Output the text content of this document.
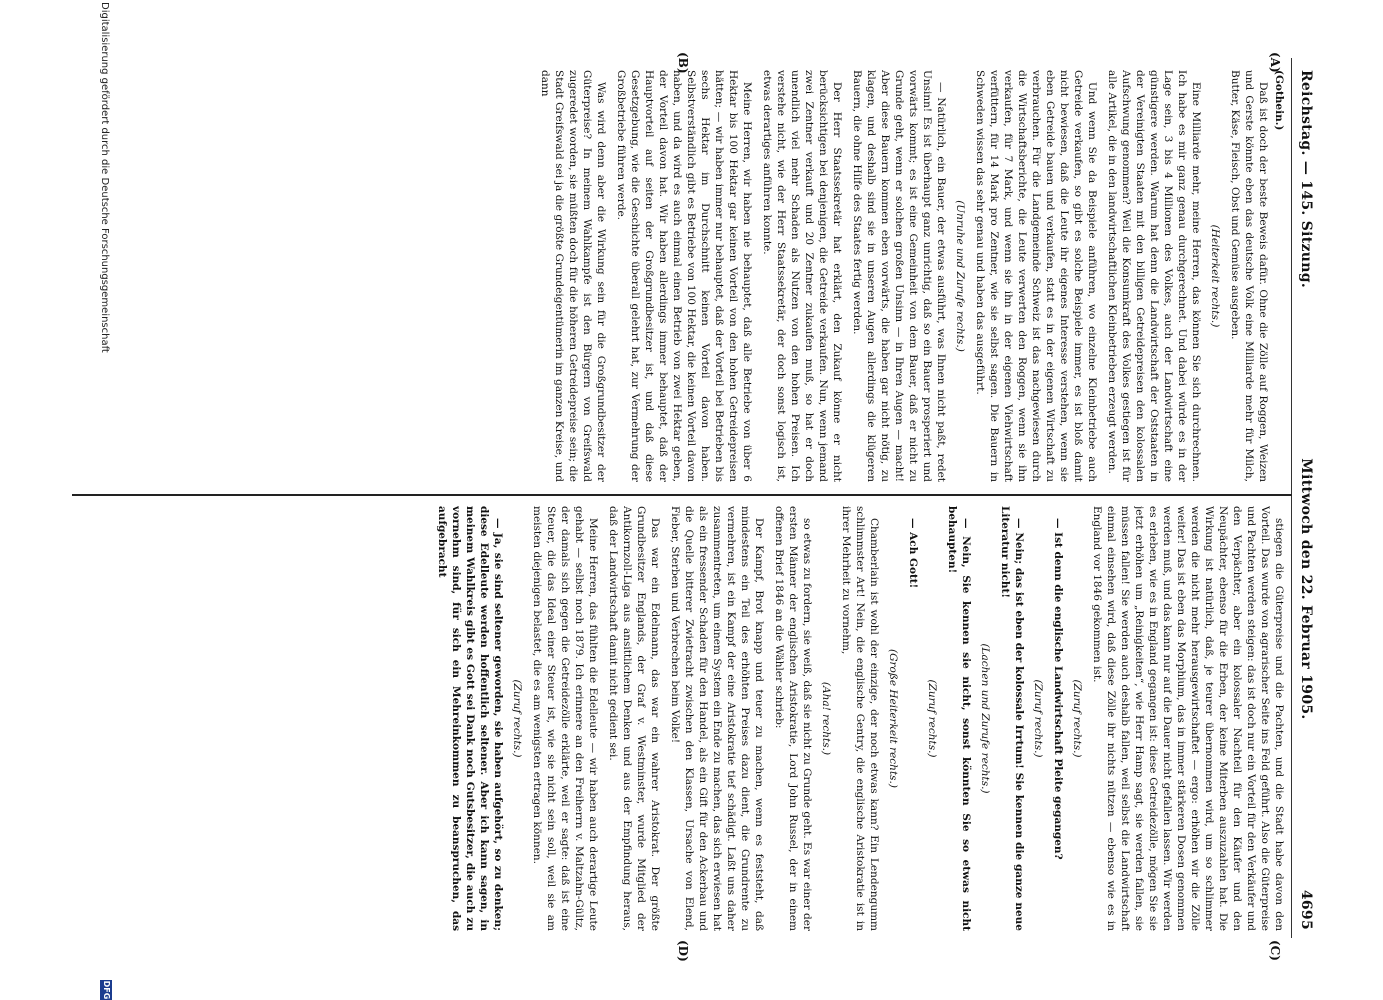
Reichstag. — 145. Sitzung.
Mittwoch den 22. Februar 1905.
4695
(A)
(B)
(C)
(D)

(Gothein.)

Daß ist doch der beste Beweis dafür. Ohne die Zölle auf Roggen, Weizen und Gerste könnte eben das deutsche Volk eine Milliarde mehr für Milch, Butter, Käse, Fleisch, Obst und Gemüse ausgeben.

(Heiterkeit rechts.)

Eine Milliarde mehr, meine Herren, das können Sie sich durchrechnen. Ich habe es mir ganz genau durchgerechnet. Und dabei würde es in der Lage sein, 3 bis 4 Millionen des Volkes, auch der Landwirtschaft eine günstigere werden. Warum hat denn die Landwirtschaft der Oststaaten in der Vereinigten Staaten mit den billigen Getreidepreisen den kolossalen Aufschwung genommen? Weil die Konsumkraft des Volkes gestiegen ist für alle Artikel, die in den landwirtschaftlichen Kleinbetrieben erzeugt werden.

Und wenn Sie da Beispiele anführen, wo einzelne Kleinbetriebe auch Getreide verkaufen, so gibt es solche Beispiele immer, es ist bloß damit nicht bewiesen, daß die Leute ihr eigenes Interesse verstehen, wenn sie eben Getreide bauen und verkaufen, statt es in der eigenen Wirtschaft zu verbrauchen. Für die Landgemeinde Schweiz ist das nachgewiesen durch die Wirtschaftsberichte, die Leute verwerten den Roggen, wenn sie ihn verkaufen, für 7 Mark, und wenn sie ihn in der eigenen Viehwirtschaft verfüttern, für 14 Mark pro Zentner, wie sie selbst sagen. Die Bauern in Schweden wissen das sehr genau und haben das ausgeführt.

(Unruhe und Zurufe rechts.)

— Natürlich, ein Bauer, der etwas ausführt, was Ihnen nicht paßt, redet Unsinn! Es ist überhaupt ganz unrichtig, daß so ein Bauer prosperiert und vorwärts kommt; es ist eine Gemeinheit von dem Bauer, daß er nicht zu Grunde geht, wenn er solchen großen Unsinn — in Ihren Augen — macht! Aber diese Bauern kommen eben vorwärts, die haben gar nicht nötig, zu klagen, und deshalb sind sie in unseren Augen allerdings die klügeren Bauern, die ohne Hilfe des Staates fertig werden.

Der Herr Staatssekretär hat erklärt, den Zukauf könne er nicht berücksichtigen bei denjenigen, die Getreide verkaufen. Nun, wenn jemand zwei Zentner verkauft und 20 Zentner zukaufen muß, so hat er doch unendlich viel mehr Schaden als Nutzen von den hohen Preisen. Ich verstehe nicht, wie der Herr Staatssekretär, der doch sonst logisch ist, etwas derartiges anführen konnte.

Meine Herren, wir haben nie behauptet, daß alle Betriebe von über 6 Hektar bis 100 Hektar gar keinen Vorteil von den hohen Getreidepreisen hätten; — wir haben immer nur behauptet, daß der Vorteil bei Betrieben bis sechs Hektar im Durchschnitt keinen Vorteil davon haben. Selbstverständlich gibt es Betriebe von 100 Hektar, die keinen Vorteil davon haben, und da wird es auch einmal einen Betrieb von zwei Hektar geben, der Vorteil davon hat. Wir haben allerdings immer behauptet, daß der Hauptvorteil auf seiten der Großgrundbesitzer ist, und daß diese Gesetzgebung, wie die Geschichte überall gelehrt hat, zur Vermehrung der Großbetriebe führen werde.

Was wird denn aber die Wirkung sein für die Großgrundbesitzer der Güterpreise? In meinem Wahlkampfe ist den Bürgern von Greifswald zugeredet worden, sie müßten doch für die höheren Getreidepreise sein; die Stadt Greifswald sei ja die größte Grundeigentümerin im ganzen Kreise, und dann

stiegen die Güterpreise und die Pachten, und die Stadt habe davon den Vorteil. Das wurde von agrarischer Seite ins Feld geführt. Also die Güterpreise und Pachten werden steigen: das ist doch nur ein Vorteil für den Verkäufer und den Verpächter, aber ein kolossaler Nachteil für den Käufer und den Neupächter, ebenso für die Erben, der keine Miterben auszuzahlen hat. Die Wirkung ist natürlich, daß, je teurer übernommen wird, um so schlimmer werden die nicht mehr herausgewirtschaftet — ergo: erhöhen wir die Zölle weiter! Das ist eben das Morphium, das in immer stärkeren Dosen genommen werden muß, und das kann nur auf die Dauer nicht gefallen lassen. Wir werden es erleben, wie es in England gegangen ist: diese Getreidezölle, mögen Sie sie jetzt erhöhen um „Reinigkeiten“, wie Herr Hamp sagt, sie werden fallen, sie müssen fallen! Sie werden auch deshalb fallen, weil selbst die Landwirtschaft einmal einsehen wird, daß diese Zölle ihr nichts nützen — ebenso wie es in England vor 1846 gekommen ist.

(Zuruf rechts.)

— Ist denn die englische Landwirtschaft Pleite gegangen?

(Zuruf rechts.)

— Nein; das ist eben der kolossale Irrtum! Sie kennen die ganze neue Literatur nicht!

(Lachen und Zurufe rechts.)

— Nein, Sie kennen sie nicht, sonst könnten Sie so etwas nicht behaupten!

(Zuruf rechts.)

— Ach Gott!

(Große Heiterkeit rechts.)

Chamberlain ist wohl der einzige, der noch etwas kann? Ein Lendengumm schlimmster Art! Nein, die englische Gentry, die englische Aristokratie ist in ihrer Mehrheit zu vornehm,

(Aha! rechts.)

so etwas zu fordern, sie weiß, daß sie nicht zu Grunde geht. Es war einer der ersten Männer der englischen Aristokratie, Lord John Russel, der in einem offenen Brief 1846 an die Wähler schrieb:

Der Kampf, Brot knapp und teuer zu machen, wenn es feststeht, daß mindestens ein Teil des erhöhten Preises dazu dient, die Grundrente zu vermehren, ist ein Kampf der eine Aristokratie tief schädigt. Laßt uns daher zusammentreten, um einem System ein Ende zu machen, das sich erwiesen hat als ein fressender Schaden für den Handel, als ein Gift für den Ackerbau und die Quelle bitterer Zwietracht zwischen den Klassen, Ursache von Elend, Fieber, Sterben und Verbrechen beim Volke!

Das war ein Edelmann, das war ein wahrer Aristokrat. Der größte Grundbesitzer Englands, der Graf v. Westminster, wurde Mitglied der Antikornzoll-Liga aus ansittlichem Denken und aus der Empfindung heraus, daß der Landwirtschaft damit nicht gedient sei.

Meine Herren, das fühlten die Edelleute — wir haben auch derartige Leute gehabt — selbst noch 1879. Ich erinnere an den Freiherrn v. Maltzahn-Gültz, der damals sich gegen die Getreidezölle erklärte, weil er sagte: daß ist eine Steuer, die das Ideal einer Steuer ist, wie sie nicht sein soll, weil sie am meisten diejenigen belastet, die es am wenigsten ertragen können.

(Zuruf rechts.)

— Ja, sie sind seltener geworden, sie haben aufgehört, so zu denken; diese Edelleute werden hoffentlich seltener. Aber ich kann sagen, in meinem Wahlkreis gibt es Gott sei Dank noch Gutsbesitzer, die auch zu vornehm sind, für sich ein Mehreinkommen zu beanspruchen, das aufgebracht

Digitalisierung gefördert durch die Deutsche Forschungsgemeinschaft
DFG
